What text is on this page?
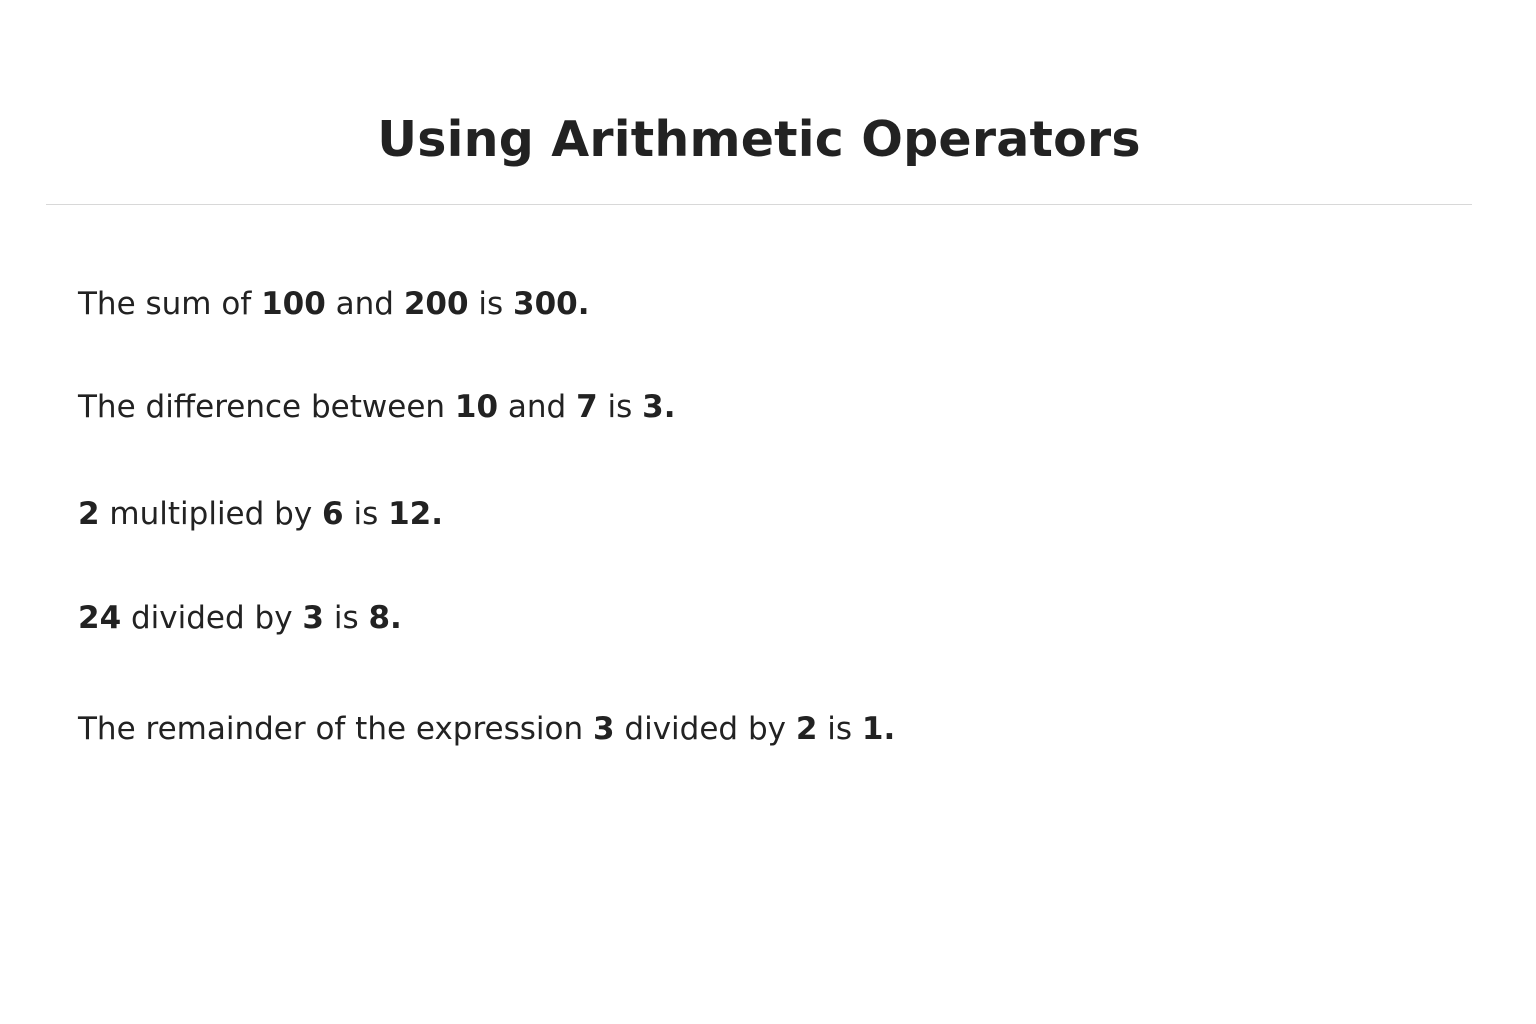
Using Arithmetic Operators

The sum of 100 and 200 is 300.

The difference between 10 and 7 is 3.

2 multiplied by 6 is 12.

24 divided by 3 is 8.

The remainder of the expression 3 divided by 2 is 1.
